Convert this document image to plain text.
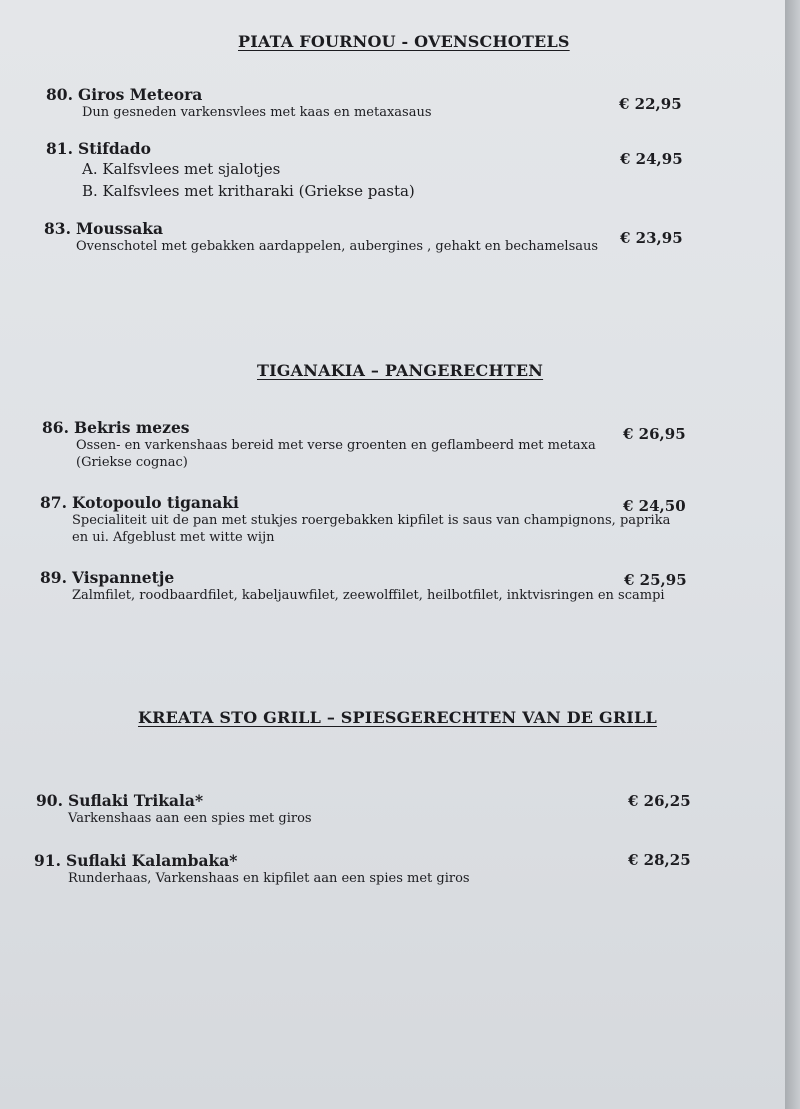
PIATA FOURNOU - OVENSCHOTELS
80. Giros Meteora
Dun gesneden varkensvlees met kaas en metaxasaus	€ 22,95
81. Stifdado
A. Kalfsvlees met sjalotjes
B. Kalfsvlees met kritharaki (Griekse pasta)
€ 24,95
83. Moussaka
Ovenschotel met gebakken aardappelen, aubergines , gehakt en bechamelsaus	€ 23,95
TIGANAKIA – PANGERECHTEN
86. Bekris mezes
Ossen- en varkenshaas bereid met verse groenten en geflambeerd met metaxa
(Griekse cognac)
€ 26,95
87. Kotopoulo tiganaki
Specialiteit uit de pan met stukjes roergebakken kipfilet is saus van champignons, paprika
en ui. Afgeblust met witte wijn
€ 24,50
89. Vispannetje
Zalmfilet, roodbaardfilet, kabeljauwfilet, zeewolffilet, heilbotfilet, inktvisringen en scampi
€ 25,95
KREATA STO GRILL – SPIESGERECHTEN VAN DE GRILL
90. Suflaki Trikala*
Varkenshaas aan een spies met giros
€ 26,25
91. Suflaki Kalambaka*
Runderhaas, Varkenshaas en kipfilet aan een spies met giros
€ 28,25
